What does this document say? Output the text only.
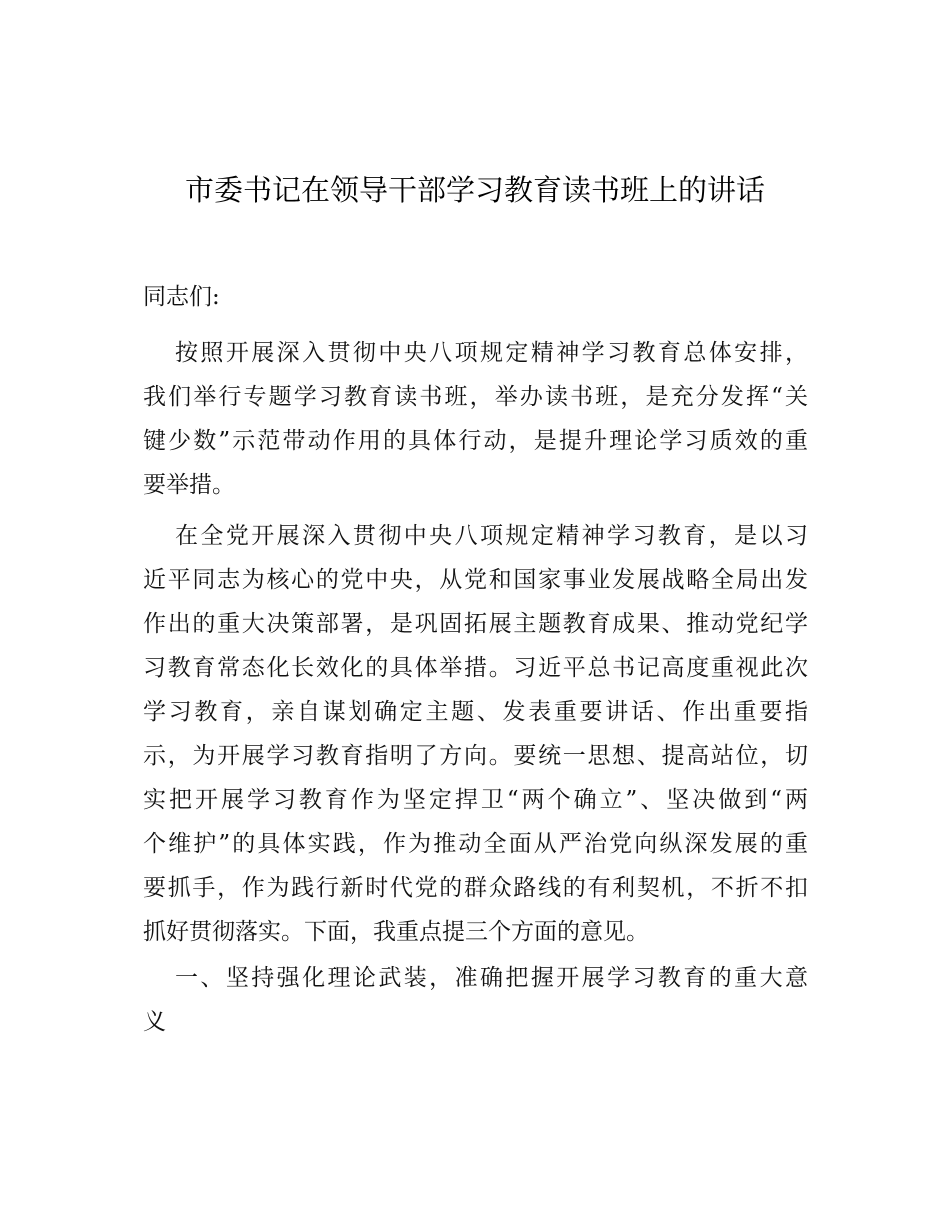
市委书记在领导干部学习教育读书班上的讲话
同志们:
按照开展深入贯彻中央八项规定精神学习教育总体安排，
我们举行专题学习教育读书班，举办读书班，是充分发挥“关
键少数”示范带动作用的具体行动，是提升理论学习质效的重
要举措。
在全党开展深入贯彻中央八项规定精神学习教育，是以习
近平同志为核心的党中央，从党和国家事业发展战略全局出发
作出的重大决策部署，是巩固拓展主题教育成果、推动党纪学
习教育常态化长效化的具体举措。习近平总书记高度重视此次
学习教育，亲自谋划确定主题、发表重要讲话、作出重要指
示，为开展学习教育指明了方向。要统一思想、提高站位，切
实把开展学习教育作为坚定捍卫“两个确立”、坚决做到“两
个维护”的具体实践，作为推动全面从严治党向纵深发展的重
要抓手，作为践行新时代党的群众路线的有利契机，不折不扣
抓好贯彻落实。下面，我重点提三个方面的意见。
一、坚持强化理论武装，准确把握开展学习教育的重大意
义
